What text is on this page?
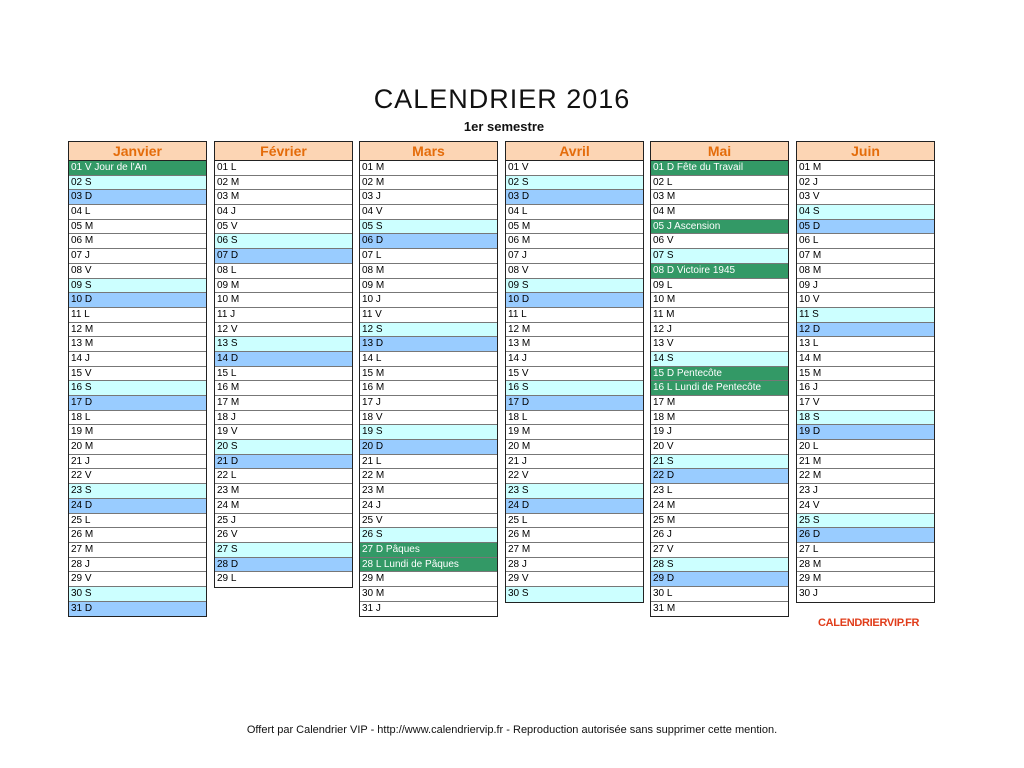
CALENDRIER 2016
1er semestre
Janvier
01 V Jour de l'An
02 S
03 D
04 L
05 M
06 M
07 J
08 V
09 S
10 D
11 L
12 M
13 M
14 J
15 V
16 S
17 D
18 L
19 M
20 M
21 J
22 V
23 S
24 D
25 L
26 M
27 M
28 J
29 V
30 S
31 D
Février
01 L
02 M
03 M
04 J
05 V
06 S
07 D
08 L
09 M
10 M
11 J
12 V
13 S
14 D
15 L
16 M
17 M
18 J
19 V
20 S
21 D
22 L
23 M
24 M
25 J
26 V
27 S
28 D
29 L
Mars
01 M
02 M
03 J
04 V
05 S
06 D
07 L
08 M
09 M
10 J
11 V
12 S
13 D
14 L
15 M
16 M
17 J
18 V
19 S
20 D
21 L
22 M
23 M
24 J
25 V
26 S
27 D Pâques
28 L Lundi de Pâques
29 M
30 M
31 J
Avril
01 V
02 S
03 D
04 L
05 M
06 M
07 J
08 V
09 S
10 D
11 L
12 M
13 M
14 J
15 V
16 S
17 D
18 L
19 M
20 M
21 J
22 V
23 S
24 D
25 L
26 M
27 M
28 J
29 V
30 S
Mai
01 D Fête du Travail
02 L
03 M
04 M
05 J Ascension
06 V
07 S
08 D Victoire 1945
09 L
10 M
11 M
12 J
13 V
14 S
15 D Pentecôte
16 L Lundi de Pentecôte
17 M
18 M
19 J
20 V
21 S
22 D
23 L
24 M
25 M
26 J
27 V
28 S
29 D
30 L
31 M
Juin
01 M
02 J
03 V
04 S
05 D
06 L
07 M
08 M
09 J
10 V
11 S
12 D
13 L
14 M
15 M
16 J
17 V
18 S
19 D
20 L
21 M
22 M
23 J
24 V
25 S
26 D
27 L
28 M
29 M
30 J
CALENDRIERVIP.FR
Offert par Calendrier VIP - http://www.calendriervip.fr - Reproduction autorisée sans supprimer cette mention.
